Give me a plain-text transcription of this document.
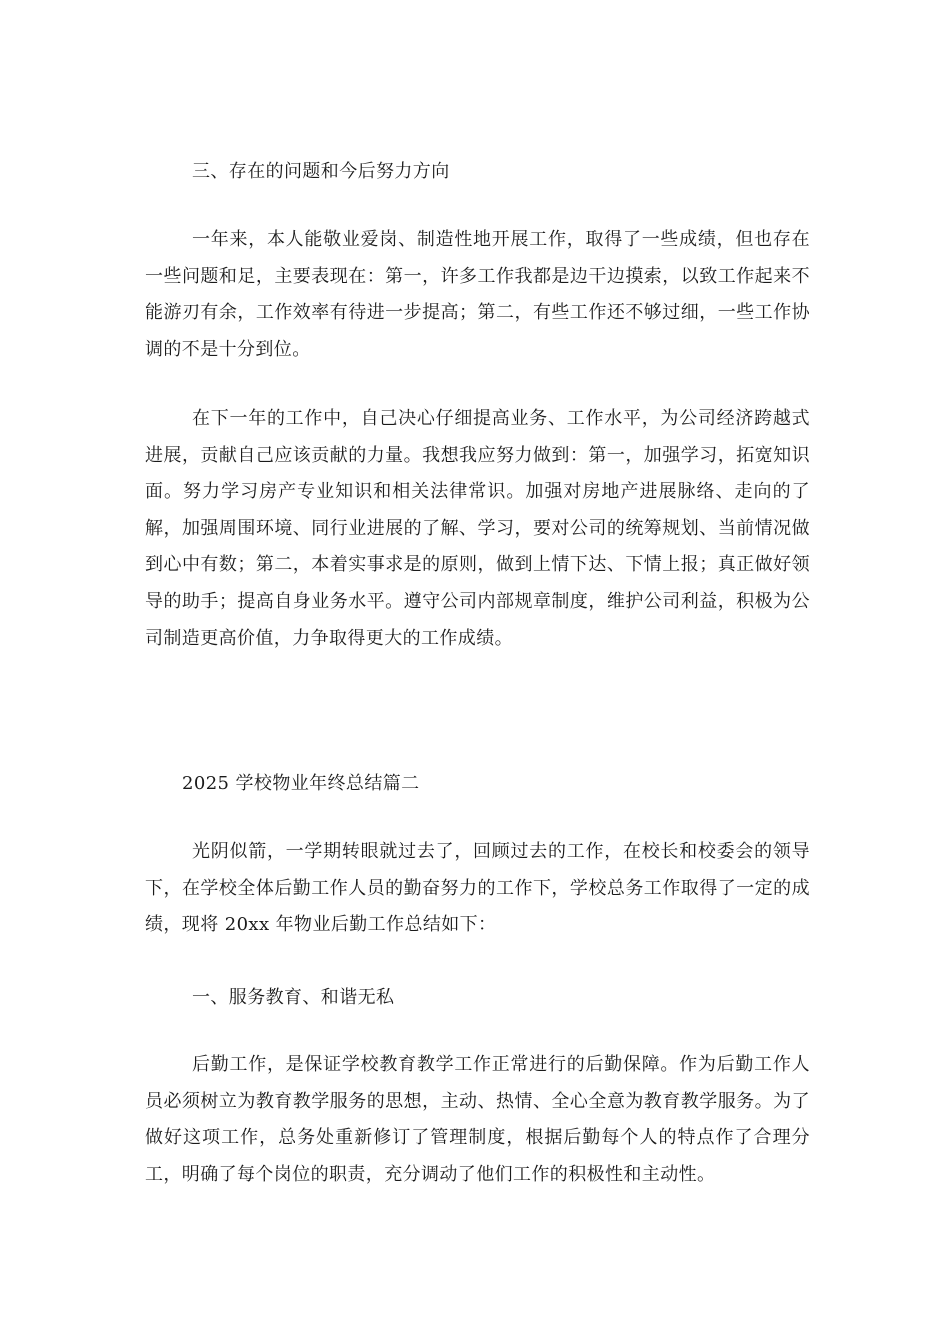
三、存在的问题和今后努力方向
一年来，本人能敬业爱岗、制造性地开展工作，取得了一些成绩，但也存在一些问题和足，主要表现在：第一，许多工作我都是边干边摸索，以致工作起来不能游刃有余，工作效率有待进一步提高；第二，有些工作还不够过细，一些工作协调的不是十分到位。
在下一年的工作中，自己决心仔细提高业务、工作水平，为公司经济跨越式进展，贡献自己应该贡献的力量。我想我应努力做到：第一，加强学习，拓宽知识面。努力学习房产专业知识和相关法律常识。加强对房地产进展脉络、走向的了解，加强周围环境、同行业进展的了解、学习，要对公司的统筹规划、当前情况做到心中有数；第二，本着实事求是的原则，做到上情下达、下情上报；真正做好领导的助手；提高自身业务水平。遵守公司内部规章制度，维护公司利益，积极为公司制造更高价值，力争取得更大的工作成绩。
2025 学校物业年终总结篇二
光阴似箭，一学期转眼就过去了，回顾过去的工作，在校长和校委会的领导下，在学校全体后勤工作人员的勤奋努力的工作下，学校总务工作取得了一定的成绩，现将 20xx 年物业后勤工作总结如下：
一、服务教育、和谐无私
后勤工作，是保证学校教育教学工作正常进行的后勤保障。作为后勤工作人员必须树立为教育教学服务的思想，主动、热情、全心全意为教育教学服务。为了做好这项工作，总务处重新修订了管理制度，根据后勤每个人的特点作了合理分工，明确了每个岗位的职责，充分调动了他们工作的积极性和主动性。
